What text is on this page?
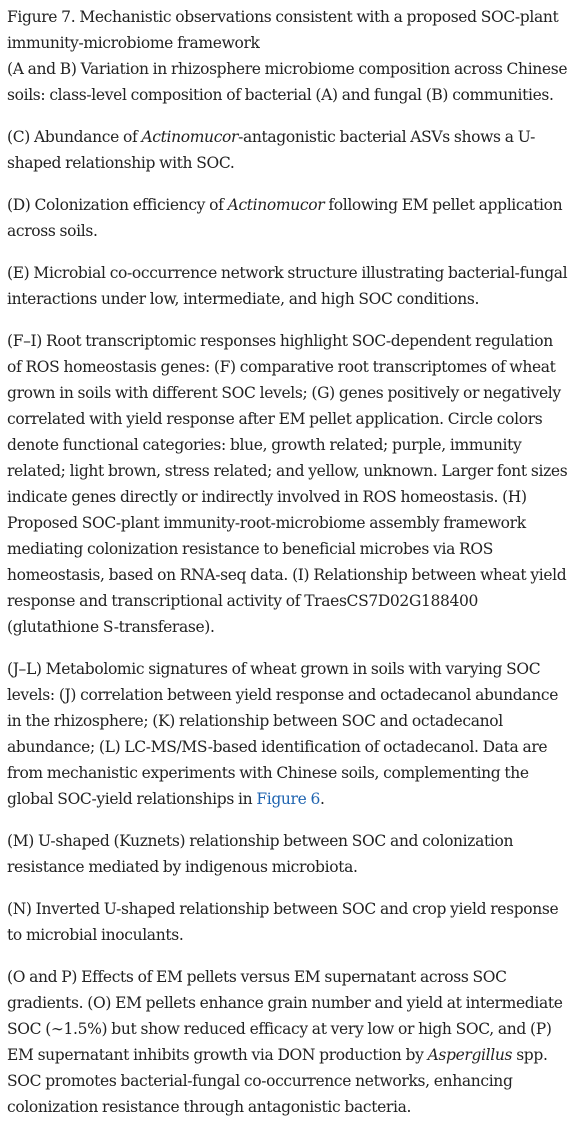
Figure 7. Mechanistic observations consistent with a proposed SOC-plant immunity-microbiome framework
(A and B) Variation in rhizosphere microbiome composition across Chinese soils: class-level composition of bacterial (A) and fungal (B) communities.

(C) Abundance of Actinomucor-antagonistic bacterial ASVs shows a U-shaped relationship with SOC.

(D) Colonization efficiency of Actinomucor following EM pellet application across soils.

(E) Microbial co-occurrence network structure illustrating bacterial-fungal interactions under low, intermediate, and high SOC conditions.

(F–I) Root transcriptomic responses highlight SOC-dependent regulation of ROS homeostasis genes: (F) comparative root transcriptomes of wheat grown in soils with different SOC levels; (G) genes positively or negatively correlated with yield response after EM pellet application. Circle colors denote functional categories: blue, growth related; purple, immunity related; light brown, stress related; and yellow, unknown. Larger font sizes indicate genes directly or indirectly involved in ROS homeostasis. (H) Proposed SOC-plant immunity-root-microbiome assembly framework mediating colonization resistance to beneficial microbes via ROS homeostasis, based on RNA-seq data. (I) Relationship between wheat yield response and transcriptional activity of TraesCS7D02G188400 (glutathione S-transferase).

(J–L) Metabolomic signatures of wheat grown in soils with varying SOC levels: (J) correlation between yield response and octadecanol abundance in the rhizosphere; (K) relationship between SOC and octadecanol abundance; (L) LC-MS/MS-based identification of octadecanol. Data are from mechanistic experiments with Chinese soils, complementing the global SOC-yield relationships in Figure 6.

(M) U-shaped (Kuznets) relationship between SOC and colonization resistance mediated by indigenous microbiota.

(N) Inverted U-shaped relationship between SOC and crop yield response to microbial inoculants.

(O and P) Effects of EM pellets versus EM supernatant across SOC gradients. (O) EM pellets enhance grain number and yield at intermediate SOC (∼1.5%) but show reduced efficacy at very low or high SOC, and (P) EM supernatant inhibits growth via DON production by Aspergillus spp. SOC promotes bacterial-fungal co-occurrence networks, enhancing colonization resistance through antagonistic bacteria.
